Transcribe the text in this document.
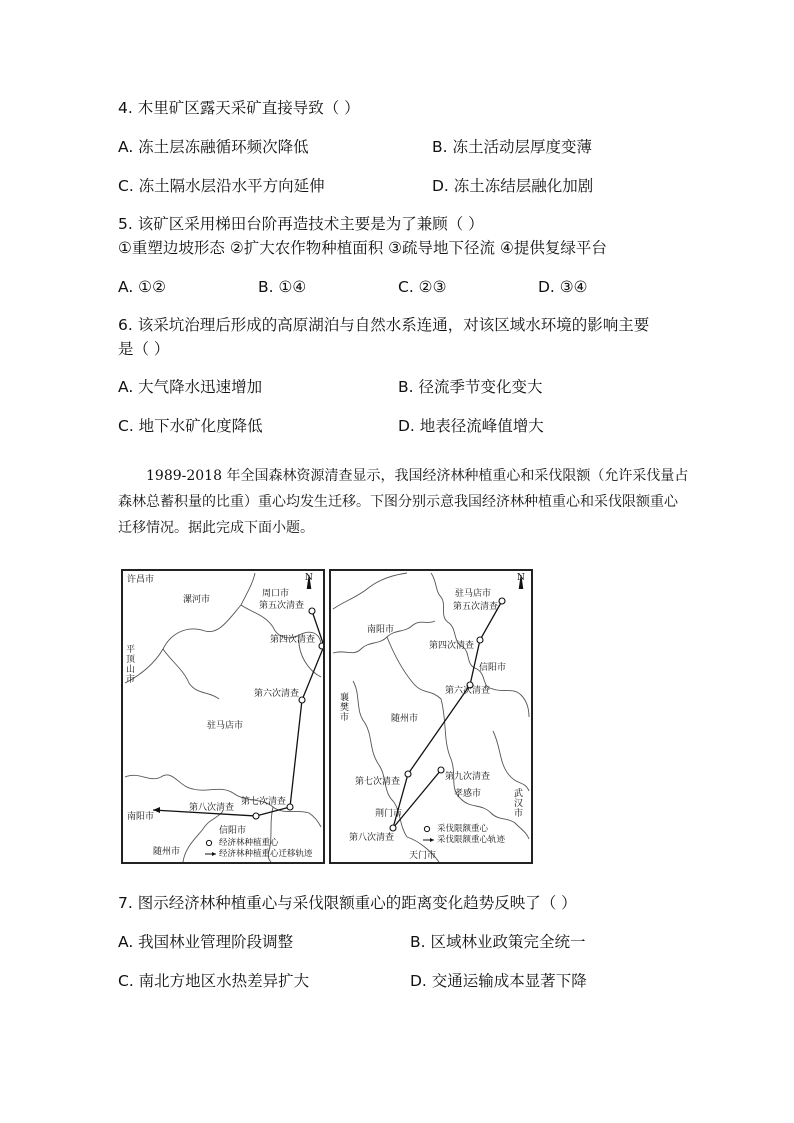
4. 木里矿区露天采矿直接导致（ ）
A. 冻土层冻融循环频次降低	B. 冻土活动层厚度变薄
C. 冻土隔水层沿水平方向延伸	D. 冻土冻结层融化加剧
5. 该矿区采用梯田台阶再造技术主要是为了兼顾（ ）
①重塑边坡形态 ②扩大农作物种植面积 ③疏导地下径流 ④提供复绿平台
A. ①②	B. ①④	C. ②③	D. ③④
6. 该采坑治理后形成的高原湖泊与自然水系连通，对该区域水环境的影响主要
是（ ）
A. 大气降水迅速增加	B. 径流季节变化变大
C. 地下水矿化度降低	D. 地表径流峰值增大
1989-2018 年全国森林资源清查显示，我国经济林种植重心和采伐限额（允许采伐量占森林总蓄积量的比重）重心均发生迁移。下图分别示意我国经济林种植重心和采伐限额重心迁移情况。据此完成下面小题。
许昌市
漯河市
周口市
平顶山市
驻马店市
南阳市
信阳市
随州市
第五次清查
第四次清查
第六次清查
第七次清查
第八次清查
N
经济林种植重心
经济林种植重心迁移轨迹
驻马店市
南阳市
信阳市
襄樊市	随州市
孝感市	武汉市
荆门市
天门市
第五次清查
第四次清查
第六次清查
第七次清查	第九次清查
第八次清查
N
采伐限额重心
采伐限额重心轨迹
7. 图示经济林种植重心与采伐限额重心的距离变化趋势反映了（ ）
A. 我国林业管理阶段调整	B. 区域林业政策完全统一
C. 南北方地区水热差异扩大	D. 交通运输成本显著下降
